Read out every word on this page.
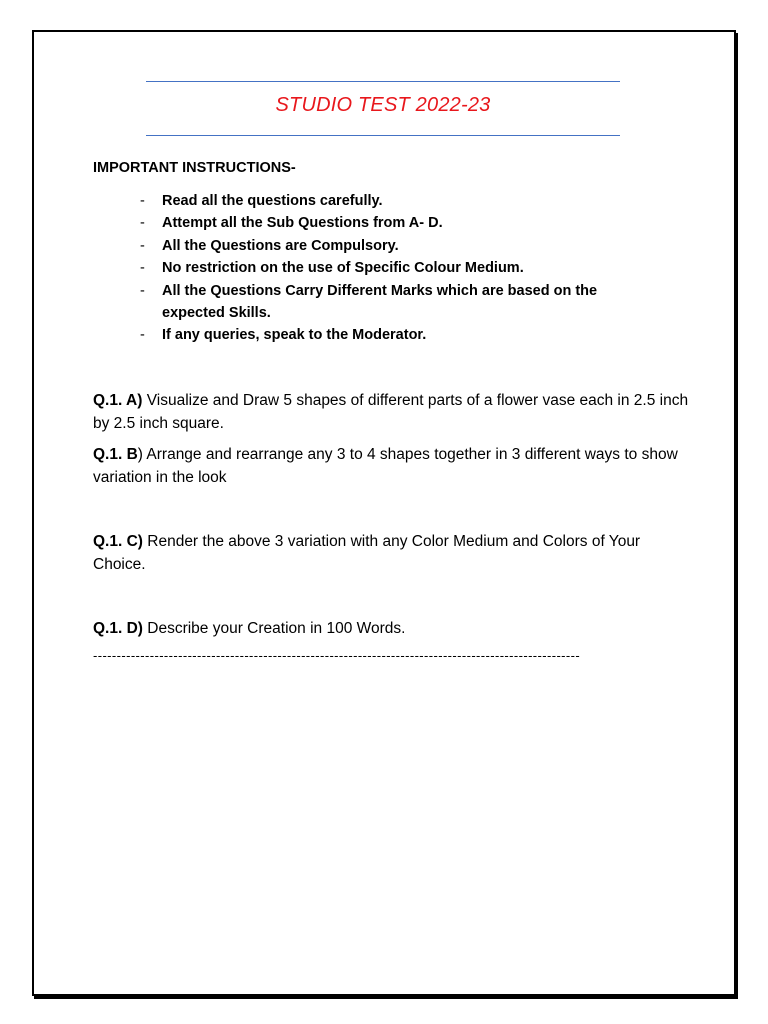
STUDIO TEST 2022-23
IMPORTANT INSTRUCTIONS-
- Read all the questions carefully.
- Attempt all the Sub Questions from A- D.
- All the Questions are Compulsory.
- No restriction on the use of Specific Colour Medium.
- All the Questions Carry Different Marks which are based on the expected Skills.
- If any queries, speak to the Moderator.
Q.1. A) Visualize and Draw 5 shapes of different parts of a flower vase each in 2.5 inch by 2.5 inch square.
Q.1. B) Arrange and rearrange any 3 to 4 shapes together in 3 different ways to show variation in the look
Q.1. C) Render the above 3 variation with any Color Medium and Colors of Your Choice.
Q.1. D) Describe your Creation in 100 Words.
-------------------------------------------------------------------------------------------------------
